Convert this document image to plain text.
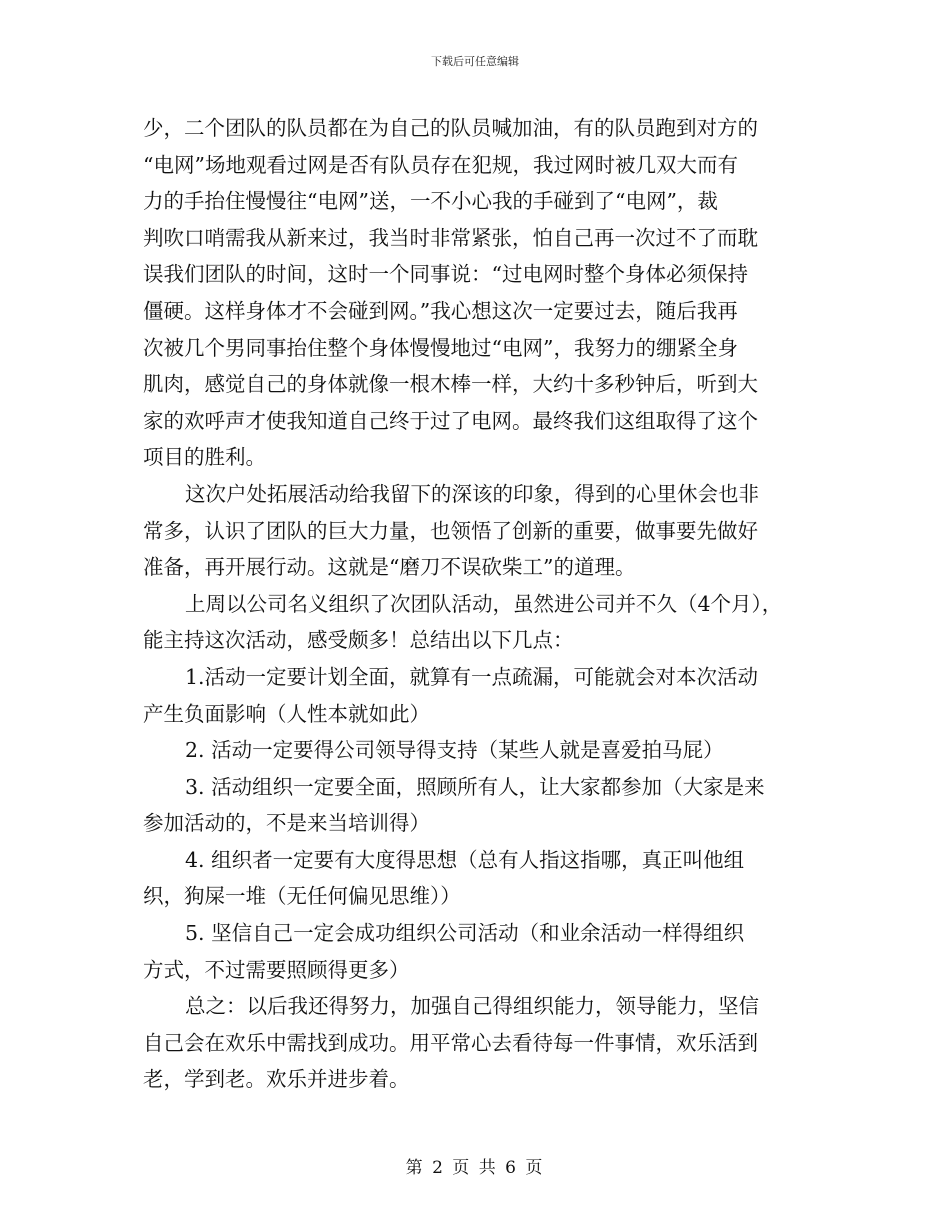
下载后可任意编辑
少，二个团队的队员都在为自己的队员喊加油，有的队员跑到对方的
“电网”场地观看过网是否有队员存在犯规，我过网时被几双大而有
力的手抬住慢慢往“电网”送，一不小心我的手碰到了“电网”，裁
判吹口哨需我从新来过，我当时非常紧张，怕自己再一次过不了而耽
误我们团队的时间，这时一个同事说：“过电网时整个身体必须保持
僵硬。这样身体才不会碰到网。”我心想这次一定要过去，随后我再
次被几个男同事抬住整个身体慢慢地过“电网”，我努力的绷紧全身
肌肉，感觉自己的身体就像一根木棒一样，大约十多秒钟后，听到大
家的欢呼声才使我知道自己终于过了电网。最终我们这组取得了这个
项目的胜利。
这次户处拓展活动给我留下的深该的印象，得到的心里休会也非
常多，认识了团队的巨大力量，也领悟了创新的重要，做事要先做好
准备，再开展行动。这就是“磨刀不误砍柴工”的道理。
上周以公司名义组织了次团队活动，虽然进公司并不久（4个月），
能主持这次活动，感受颇多！总结出以下几点：
1.活动一定要计划全面，就算有一点疏漏，可能就会对本次活动
产生负面影响（人性本就如此）
2. 活动一定要得公司领导得支持（某些人就是喜爱拍马屁）
3. 活动组织一定要全面，照顾所有人，让大家都参加（大家是来
参加活动的，不是来当培训得）
4. 组织者一定要有大度得思想（总有人指这指哪，真正叫他组
织，狗屎一堆（无任何偏见思维））
5. 坚信自己一定会成功组织公司活动（和业余活动一样得组织
方式，不过需要照顾得更多）
总之：以后我还得努力，加强自己得组织能力，领导能力，坚信
自己会在欢乐中需找到成功。用平常心去看待每一件事情，欢乐活到
老，学到老。欢乐并进步着。
第 2 页 共 6 页
